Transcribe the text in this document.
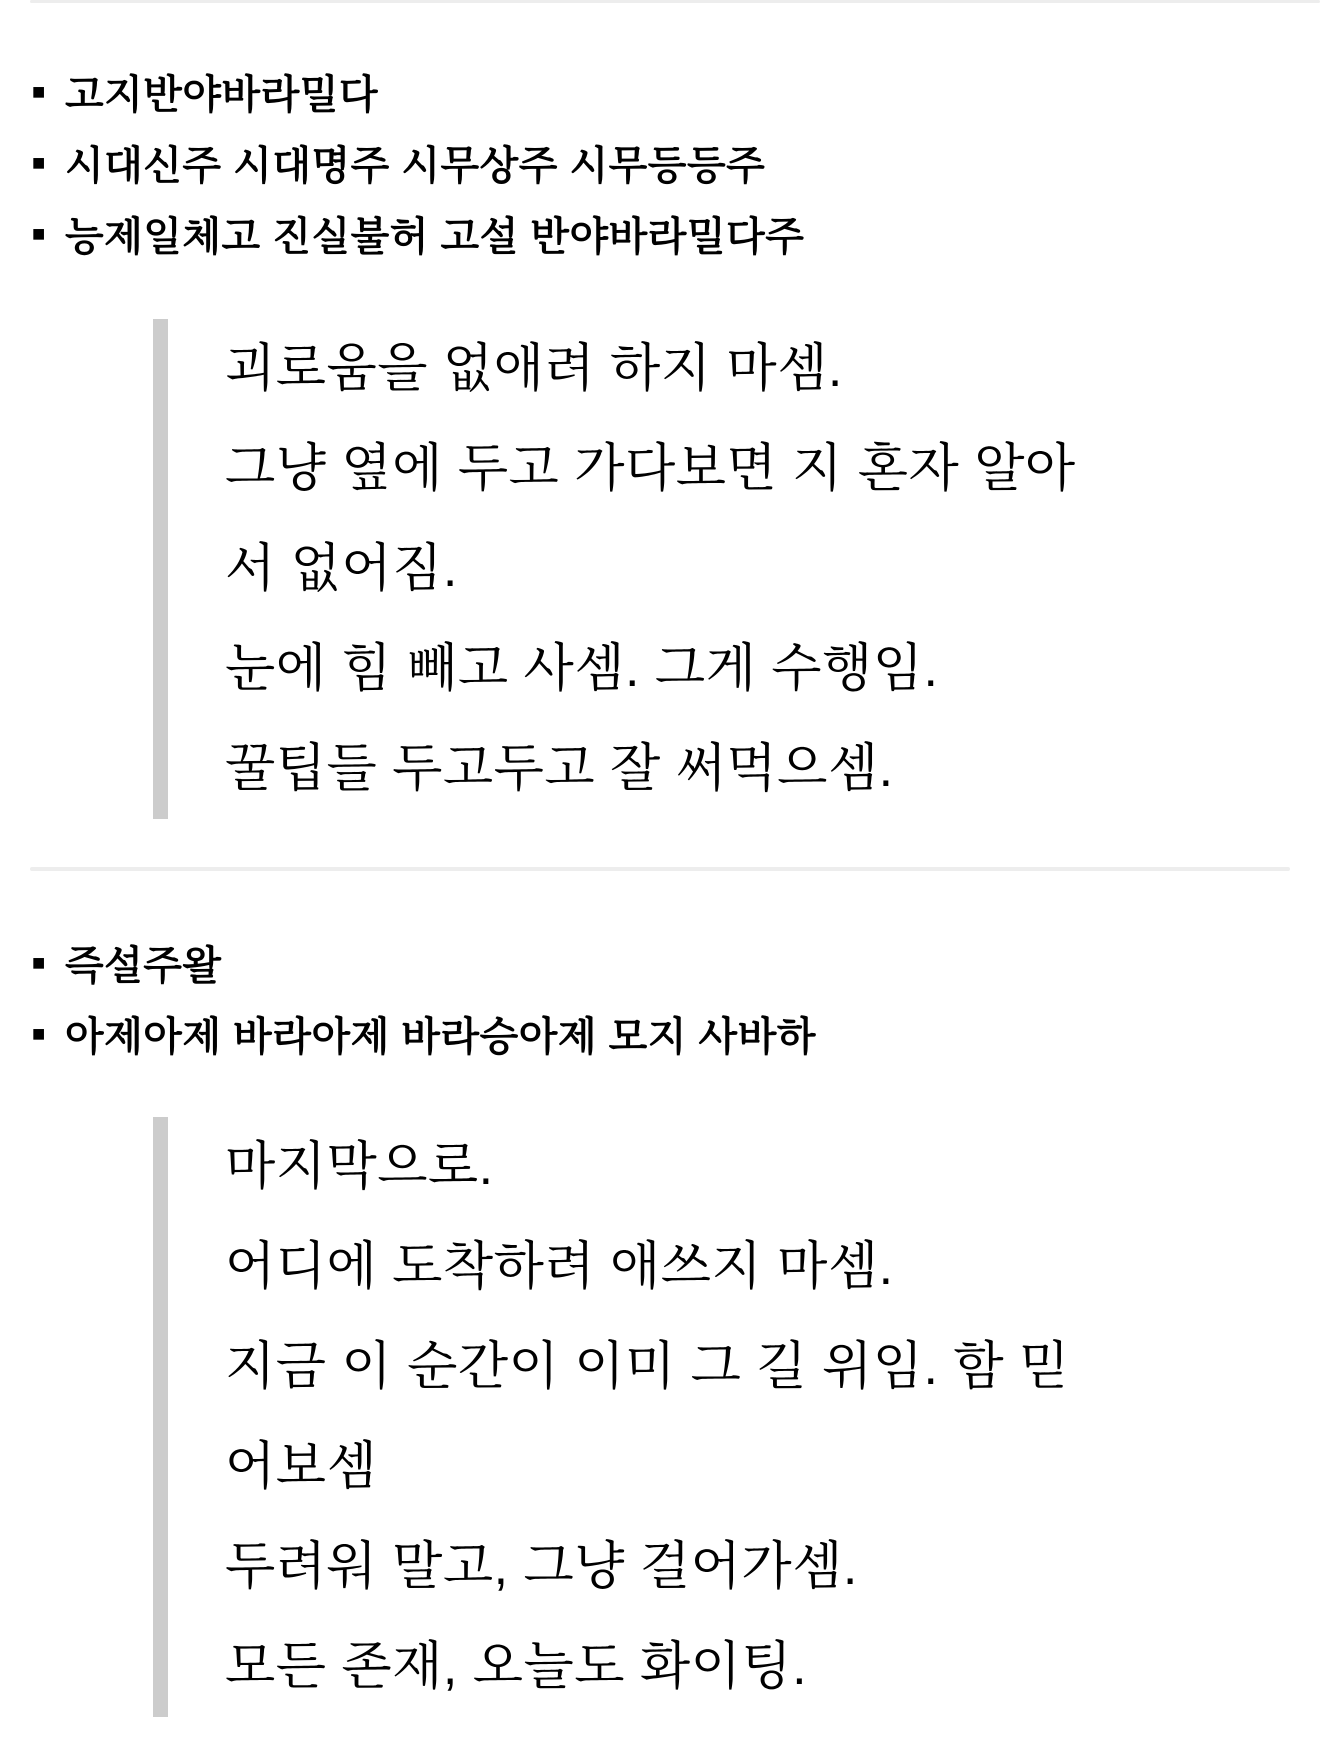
■ 고지반야바라밀다
■ 시대신주 시대명주 시무상주 시무등등주
■ 능제일체고 진실불허 고설 반야바라밀다주
괴로움을 없애려 하지 마셈.
그냥 옆에 두고 가다보면 지 혼자 알아
서 없어짐.
눈에 힘 빼고 사셈. 그게 수행임.
꿀팁들 두고두고 잘 써먹으셈.
■ 즉설주왈
■ 아제아제 바라아제 바라승아제 모지 사바하
마지막으로.
어디에 도착하려 애쓰지 마셈.
지금 이 순간이 이미 그 길 위임. 함 믿
어보셈
두려워 말고, 그냥 걸어가셈.
모든 존재, 오늘도 화이팅.
